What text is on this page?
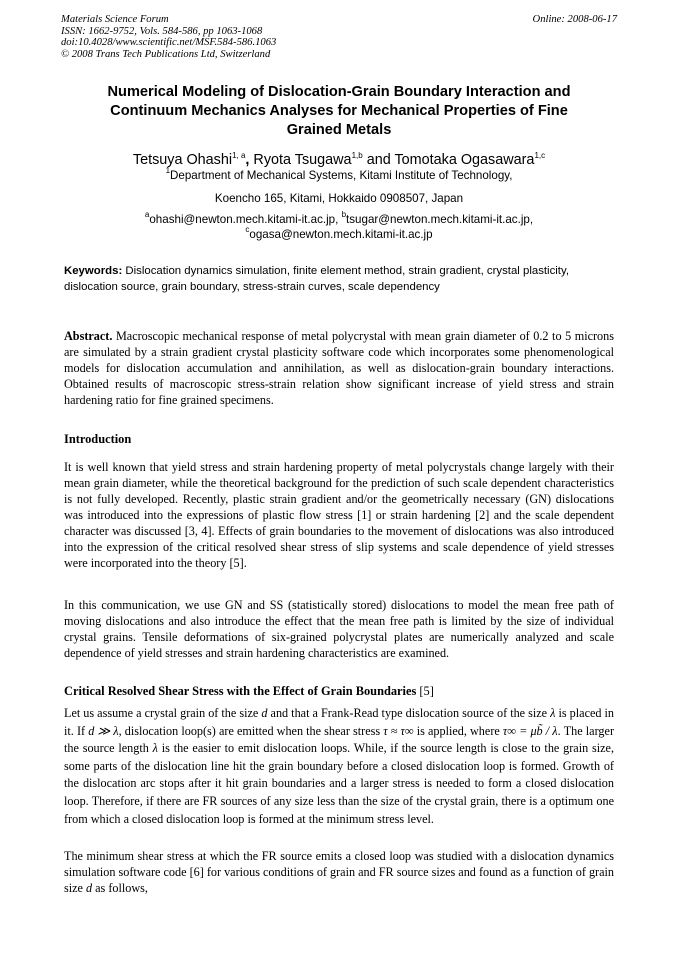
Materials Science Forum
ISSN: 1662-9752, Vols. 584-586, pp 1063-1068
doi:10.4028/www.scientific.net/MSF.584-586.1063
© 2008 Trans Tech Publications Ltd, Switzerland
Online: 2008-06-17
Numerical Modeling of Dislocation-Grain Boundary Interaction and
Continuum Mechanics Analyses for Mechanical Properties of Fine
Grained Metals
Tetsuya Ohashi$^{1, a}$, Ryota Tsugawa$^{1,b}$ and Tomotaka Ogasawara$^{1,c}$
$^1$Department of Mechanical Systems, Kitami Institute of Technology,
Koencho 165, Kitami, Hokkaido 0908507, Japan
$^a$ohashi@newton.mech.kitami-it.ac.jp, $^b$tsugar@newton.mech.kitami-it.ac.jp,
$^c$ogasa@newton.mech.kitami-it.ac.jp
Keywords: Dislocation dynamics simulation, finite element method, strain gradient, crystal plasticity, dislocation source, grain boundary, stress-strain curves, scale dependency
Abstract. Macroscopic mechanical response of metal polycrystal with mean grain diameter of 0.2 to 5 microns are simulated by a strain gradient crystal plasticity software code which incorporates some phenomenological models for dislocation accumulation and annihilation, as well as dislocation-grain boundary interactions. Obtained results of macroscopic stress-strain relation show significant increase of yield stress and strain hardening ratio for fine grained specimens.
Introduction
It is well known that yield stress and strain hardening property of metal polycrystals change largely with their mean grain diameter, while the theoretical background for the prediction of such scale dependent characteristics is not fully developed. Recently, plastic strain gradient and/or the geometrically necessary (GN) dislocations was introduced into the expressions of plastic flow stress [1] or strain hardening [2] and the scale dependent character was discussed [3, 4]. Effects of grain boundaries to the movement of dislocations was also introduced into the expression of the critical resolved shear stress of slip systems and scale dependence of yield stresses were incorporated into the theory [5].
In this communication, we use GN and SS (statistically stored) dislocations to model the mean free path of moving dislocations and also introduce the effect that the mean free path is limited by the size of individual crystal grains. Tensile deformations of six-grained polycrystal plates are numerically analyzed and scale dependence of yield stresses and strain hardening characteristics are examined.
Critical Resolved Shear Stress with the Effect of Grain Boundaries [5]
Let us assume a crystal grain of the size d and that a Frank-Read type dislocation source of the size λ is placed in it. If d ≫ λ, dislocation loop(s) are emitted when the shear stress τ ≈ τ∞ is applied, where τ∞ = μb̃ / λ. The larger the source length λ is the easier to emit dislocation loops. While, if the source length is close to the grain size, some parts of the dislocation line hit the grain boundary before a closed dislocation loop is formed. Growth of the dislocation arc stops after it hit grain boundaries and a larger stress is needed to form a closed dislocation loop. Therefore, if there are FR sources of any size less than the size of the crystal grain, there is a optimum one from which a closed dislocation loop is formed at the minimum stress level.
The minimum shear stress at which the FR source emits a closed loop was studied with a dislocation dynamics simulation software code [6] for various conditions of grain and FR source sizes and found as a function of grain size d as follows,
